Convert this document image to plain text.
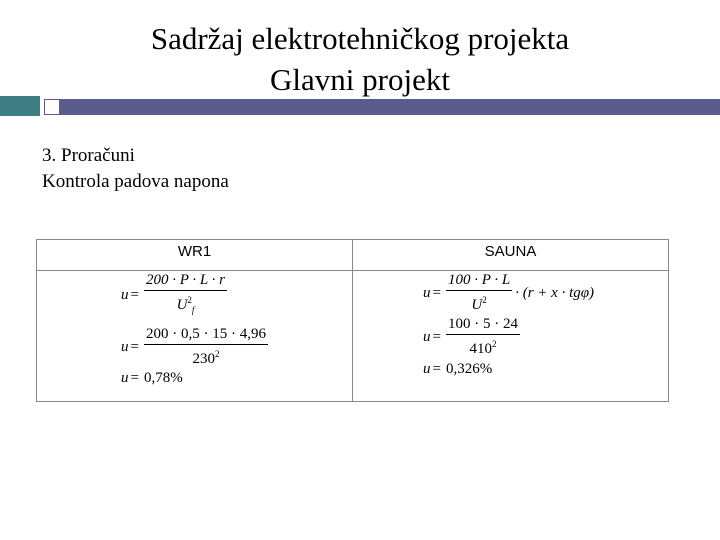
Sadržaj elektrotehničkog projekta
Glavni projekt
3. Proračuni
Kontrola padova napona
WR1	SAUNA
$u = \frac{200 \cdot P \cdot L \cdot r}{U^2_f}$
$u = \frac{200 \cdot 0,5 \cdot 15 \cdot 4,96}{230^2}$
u = 0,78%
$u = \frac{100 \cdot P \cdot L}{U^2} \cdot (r + x \cdot tg\varphi)$
$u = \frac{100 \cdot 5 \cdot 24}{410^2}$
u = 0,326%
